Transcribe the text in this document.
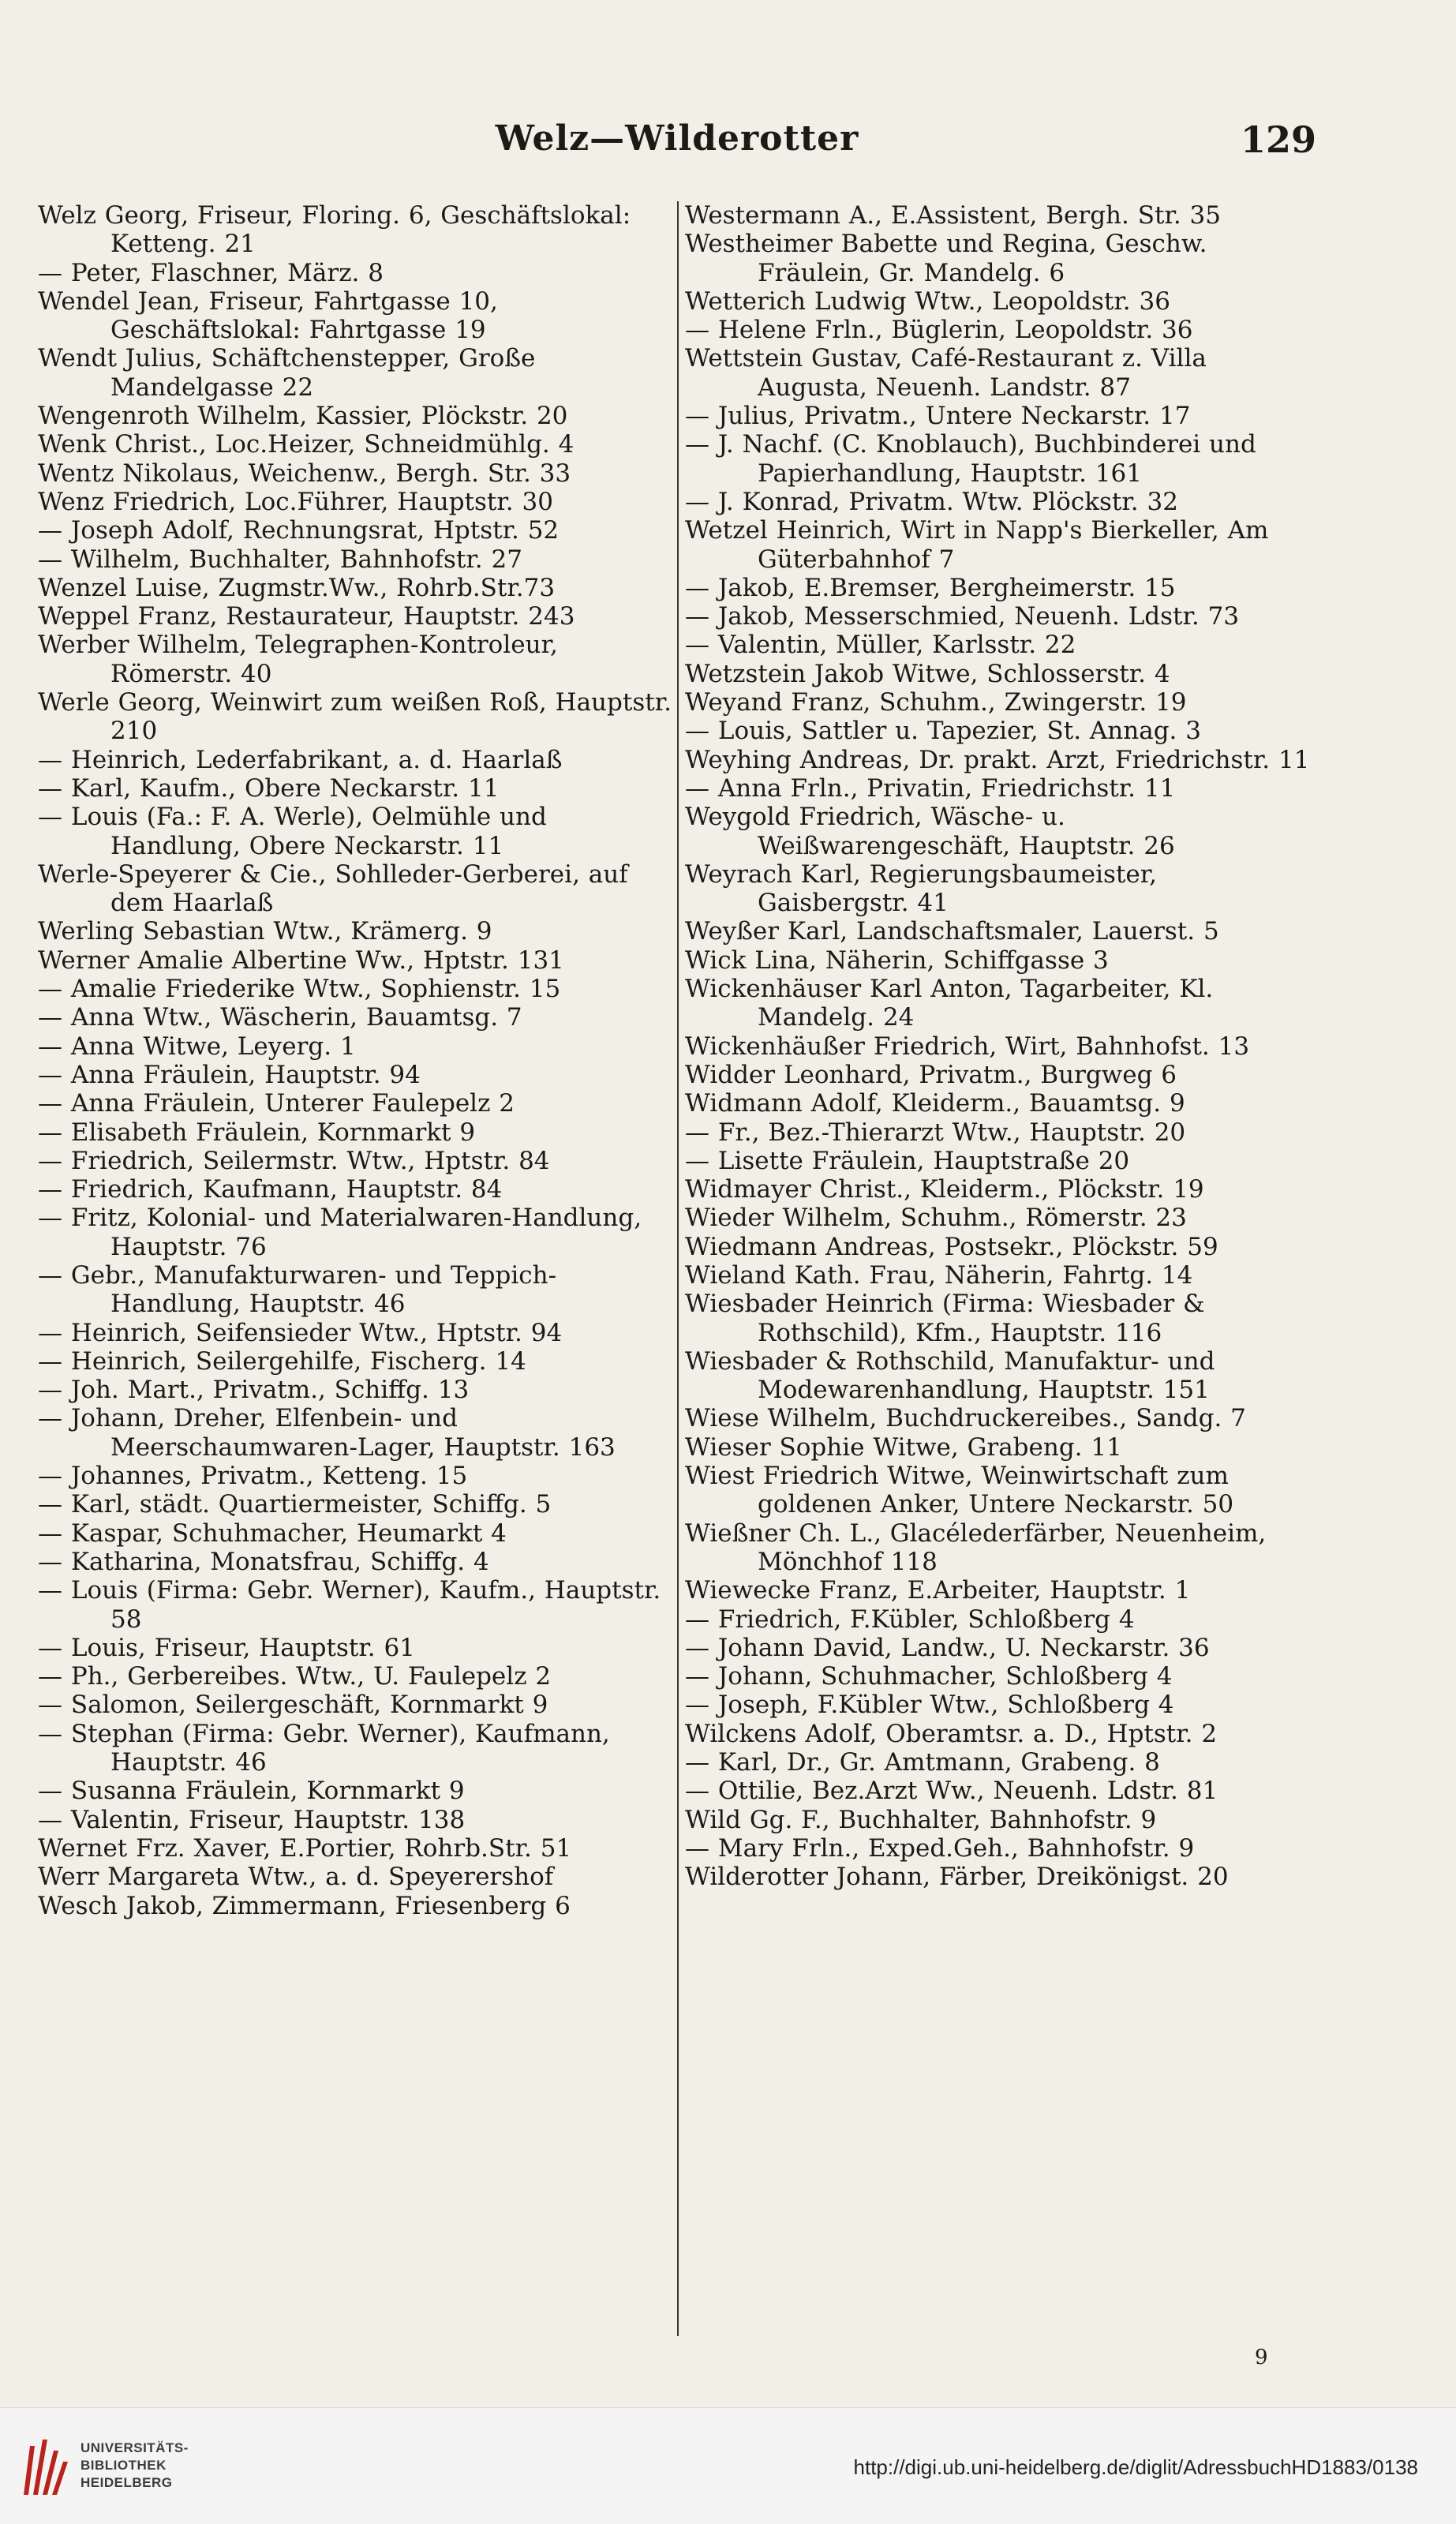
Welz—Wilderotter	129
Welz Georg, Friseur, Floring. 6, Geschäftslokal: Ketteng. 21
— Peter, Flaschner, März. 8
Wendel Jean, Friseur, Fahrtgasse 10, Geschäftslokal: Fahrtgasse 19
Wendt Julius, Schäftchenstepper, Große Mandelgasse 22
Wengenroth Wilhelm, Kassier, Plöckstr. 20
Wenk Christ., Loc.Heizer, Schneidmühlg. 4
Wentz Nikolaus, Weichenw., Bergh. Str. 33
Wenz Friedrich, Loc.Führer, Hauptstr. 30
— Joseph Adolf, Rechnungsrat, Hptstr. 52
— Wilhelm, Buchhalter, Bahnhofstr. 27
Wenzel Luise, Zugmstr.Ww., Rohrb.Str.73
Weppel Franz, Restaurateur, Hauptstr. 243
Werber Wilhelm, Telegraphen-Kontroleur, Römerstr. 40
Werle Georg, Weinwirt zum weißen Roß, Hauptstr. 210
— Heinrich, Lederfabrikant, a. d. Haarlaß
— Karl, Kaufm., Obere Neckarstr. 11
— Louis (Fa.: F. A. Werle), Oelmühle und Handlung, Obere Neckarstr. 11
Werle-Speyerer & Cie., Sohlleder-Gerberei, auf dem Haarlaß
Werling Sebastian Wtw., Krämerg. 9
Werner Amalie Albertine Ww., Hptstr. 131
— Amalie Friederike Wtw., Sophienstr. 15
— Anna Wtw., Wäscherin, Bauamtsg. 7
— Anna Witwe, Leyerg. 1
— Anna Fräulein, Hauptstr. 94
— Anna Fräulein, Unterer Faulepelz 2
— Elisabeth Fräulein, Kornmarkt 9
— Friedrich, Seilermstr. Wtw., Hptstr. 84
— Friedrich, Kaufmann, Hauptstr. 84
— Fritz, Kolonial- und Materialwaren-Handlung, Hauptstr. 76
— Gebr., Manufakturwaren- und Teppich-Handlung, Hauptstr. 46
— Heinrich, Seifensieder Wtw., Hptstr. 94
— Heinrich, Seilergehilfe, Fischerg. 14
— Joh. Mart., Privatm., Schiffg. 13
— Johann, Dreher, Elfenbein- und Meerschaumwaren-Lager, Hauptstr. 163
— Johannes, Privatm., Ketteng. 15
— Karl, städt. Quartiermeister, Schiffg. 5
— Kaspar, Schuhmacher, Heumarkt 4
— Katharina, Monatsfrau, Schiffg. 4
— Louis (Firma: Gebr. Werner), Kaufm., Hauptstr. 58
— Louis, Friseur, Hauptstr. 61
— Ph., Gerbereibes. Wtw., U. Faulepelz 2
— Salomon, Seilergeschäft, Kornmarkt 9
— Stephan (Firma: Gebr. Werner), Kaufmann, Hauptstr. 46
— Susanna Fräulein, Kornmarkt 9
— Valentin, Friseur, Hauptstr. 138
Wernet Frz. Xaver, E.Portier, Rohrb.Str. 51
Werr Margareta Wtw., a. d. Speyerershof
Wesch Jakob, Zimmermann, Friesenberg 6
Westermann A., E.Assistent, Bergh. Str. 35
Westheimer Babette und Regina, Geschw. Fräulein, Gr. Mandelg. 6
Wetterich Ludwig Wtw., Leopoldstr. 36
— Helene Frln., Büglerin, Leopoldstr. 36
Wettstein Gustav, Café-Restaurant z. Villa Augusta, Neuenh. Landstr. 87
— Julius, Privatm., Untere Neckarstr. 17
— J. Nachf. (C. Knoblauch), Buchbinderei und Papierhandlung, Hauptstr. 161
— J. Konrad, Privatm. Wtw. Plöckstr. 32
Wetzel Heinrich, Wirt in Napp's Bierkeller, Am Güterbahnhof 7
— Jakob, E.Bremser, Bergheimerstr. 15
— Jakob, Messerschmied, Neuenh. Ldstr. 73
— Valentin, Müller, Karlsstr. 22
Wetzstein Jakob Witwe, Schlosserstr. 4
Weyand Franz, Schuhm., Zwingerstr. 19
— Louis, Sattler u. Tapezier, St. Annag. 3
Weyhing Andreas, Dr. prakt. Arzt, Friedrichstr. 11
— Anna Frln., Privatin, Friedrichstr. 11
Weygold Friedrich, Wäsche- u. Weißwarengeschäft, Hauptstr. 26
Weyrach Karl, Regierungsbaumeister, Gaisbergstr. 41
Weyßer Karl, Landschaftsmaler, Lauerst. 5
Wick Lina, Näherin, Schiffgasse 3
Wickenhäuser Karl Anton, Tagarbeiter, Kl. Mandelg. 24
Wickenhäußer Friedrich, Wirt, Bahnhofst. 13
Widder Leonhard, Privatm., Burgweg 6
Widmann Adolf, Kleiderm., Bauamtsg. 9
— Fr., Bez.-Thierarzt Wtw., Hauptstr. 20
— Lisette Fräulein, Hauptstraße 20
Widmayer Christ., Kleiderm., Plöckstr. 19
Wieder Wilhelm, Schuhm., Römerstr. 23
Wiedmann Andreas, Postsekr., Plöckstr. 59
Wieland Kath. Frau, Näherin, Fahrtg. 14
Wiesbader Heinrich (Firma: Wiesbader & Rothschild), Kfm., Hauptstr. 116
Wiesbader & Rothschild, Manufaktur- und Modewarenhandlung, Hauptstr. 151
Wiese Wilhelm, Buchdruckereibes., Sandg. 7
Wieser Sophie Witwe, Grabeng. 11
Wiest Friedrich Witwe, Weinwirtschaft zum goldenen Anker, Untere Neckarstr. 50
Wießner Ch. L., Glacélederfärber, Neuenheim, Mönchhof 118
Wiewecke Franz, E.Arbeiter, Hauptstr. 1
— Friedrich, F.Kübler, Schloßberg 4
— Johann David, Landw., U. Neckarstr. 36
— Johann, Schuhmacher, Schloßberg 4
— Joseph, F.Kübler Wtw., Schloßberg 4
Wilckens Adolf, Oberamtsr. a. D., Hptstr. 2
— Karl, Dr., Gr. Amtmann, Grabeng. 8
— Ottilie, Bez.Arzt Ww., Neuenh. Ldstr. 81
Wild Gg. F., Buchhalter, Bahnhofstr. 9
— Mary Frln., Exped.Geh., Bahnhofstr. 9
Wilderotter Johann, Färber, Dreikönigst. 20
9
UNIVERSITÄTS-
BIBLIOTHEK
HEIDELBERG
http://digi.ub.uni-heidelberg.de/diglit/AdressbuchHD1883/0138
